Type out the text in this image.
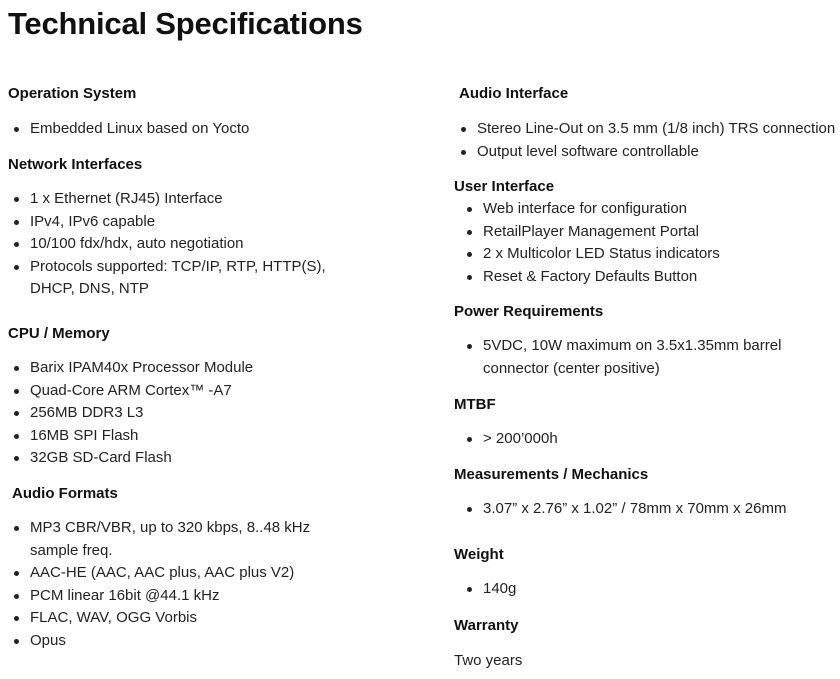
Technical Specifications
Operation System
Embedded Linux based on Yocto
Network Interfaces
1 x Ethernet (RJ45) Interface
IPv4, IPv6 capable
10/100 fdx/hdx, auto negotiation
Protocols supported: TCP/IP, RTP, HTTP(S), DHCP, DNS, NTP
CPU / Memory
Barix IPAM40x Processor Module
Quad-Core ARM Cortex™ -A7
256MB DDR3 L3
16MB SPI Flash
32GB SD-Card Flash
Audio Formats
MP3 CBR/VBR, up to 320 kbps, 8..48 kHz sample freq.
AAC-HE (AAC, AAC plus, AAC plus V2)
PCM linear 16bit @44.1 kHz
FLAC, WAV, OGG Vorbis
Opus
Audio Interface
Stereo Line-Out on 3.5 mm (1/8 inch) TRS connection
Output level software controllable
User Interface
Web interface for configuration
RetailPlayer Management Portal
2 x Multicolor LED Status indicators
Reset & Factory Defaults Button
Power Requirements
5VDC, 10W maximum on 3.5x1.35mm barrel connector (center positive)
MTBF
> 200’000h
Measurements / Mechanics
3.07” x 2.76” x 1.02” / 78mm x 70mm x 26mm
Weight
140g
Warranty
Two years
